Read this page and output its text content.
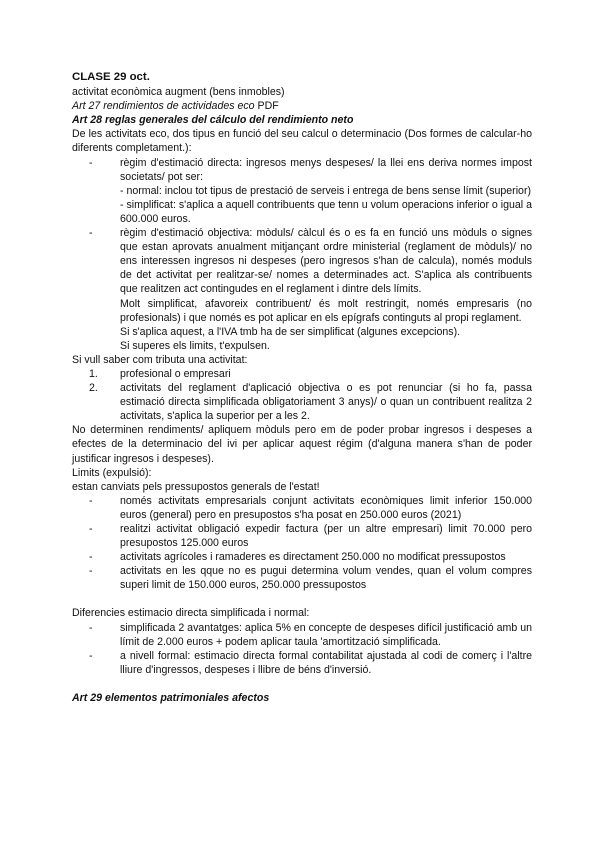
CLASE 29 oct.

activitat econòmica augment (bens inmobles)

Art 27 rendimientos de actividades eco PDF

Art 28 reglas generales del cálculo del rendimiento neto

De les activitats eco, dos tipus en funció del seu calcul o determinacio (Dos formes de calcular-ho diferents completament.):

-	règim d'estimació directa: ingresos menys despeses/ la llei ens deriva normes impost societats/ pot ser:

- normal: inclou tot tipus de prestació de serveis i entrega de bens sense límit (superior)

- simplificat: s'aplica a aquell contribuents que tenn u volum operacions inferior o igual a 600.000 euros.

-	règim d'estimació objectiva: mòduls/ càlcul és o es fa en funció uns mòduls o signes que estan aprovats anualment mitjançant ordre ministerial (reglament de mòduls)/ no ens interessen ingresos ni despeses (pero ingresos s'han de calcula), només moduls de det activitat per realitzar-se/ nomes a determinades act. S'aplica als contribuents que realitzen act contingudes en el reglament i dintre dels límits.

Molt simplificat, afavoreix contribuent/ és molt restringit, només empresaris (no profesionals) i que només es pot aplicar en els epígrafs continguts al propi reglament.

Si s'aplica aquest, a l'IVA tmb ha de ser simplificat (algunes excepcions).

Si superes els limits, t'expulsen.

Si vull saber com tributa una activitat:

1. profesional o empresari
2. activitats del reglament d'aplicació objectiva o es pot renunciar (si ho fa, passa estimació directa simplificada obligatoriament 3 anys)/ o quan un contribuent realitza 2 activitats, s'aplica la superior per a les 2.

No determinen rendiments/ apliquem mòduls pero em de poder probar ingresos i despeses a efectes de la determinacio del ivi per aplicar aquest régim (d'alguna manera s'han de poder justificar ingresos i despeses).

Limits (expulsió):

estan canviats pels pressupostos generals de l'estat!

-	només activitats empresarials conjunt activitats econòmiques limit inferior 150.000 euros (general) pero en presupostos s'ha posat en 250.000 euros (2021)
-	realitzi activitat obligació expedir factura (per un altre empresari) limit 70.000 pero presupostos 125.000 euros
-	activitats agrícoles i ramaderes es directament 250.000 no modificat pressupostos
-	activitats en les qque no es pugui determina volum vendes, quan el volum compres superi limit de 150.000 euros, 250.000 pressupostos

Diferencies estimacio directa simplificada i normal:

-	simplificada 2 avantatges: aplica 5% en concepte de despeses difícil justificació amb un límit de 2.000 euros + podem aplicar taula 'amortització simplificada.
-	a nivell formal: estimacio directa formal contabilitat ajustada al codi de comerç i l'altre lliure d'ingressos, despeses i llibre de béns d'inversió.

Art 29 elementos patrimoniales afectos
